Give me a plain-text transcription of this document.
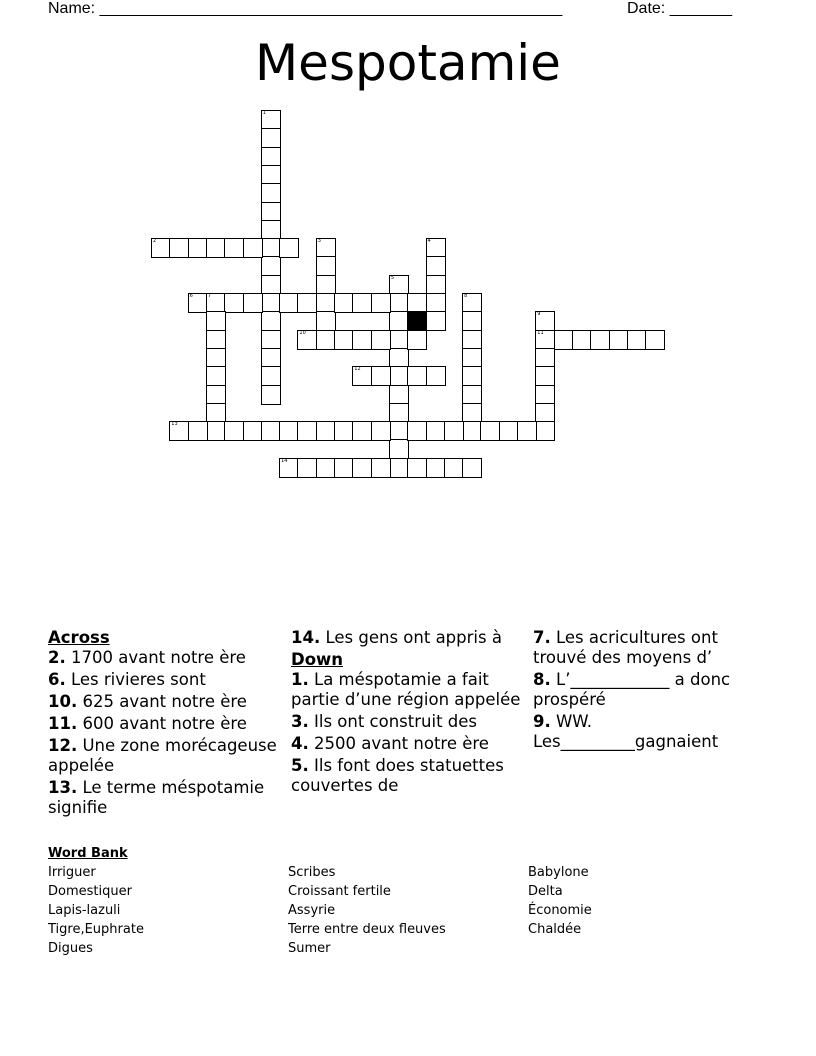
Name: ____________________________________________________	Date: _______
Mespotamie
1
2	3	4
5
6	7	8
9
11
10
12
13
14

Across

2. 1700 avant notre ère

6. Les rivieres sont

10. 625 avant notre ère

11. 600 avant notre ère

12. Une zone morécageuse appelée

13. Le terme méspotamie signifie

14. Les gens ont appris à

Down

1. La méspotamie a fait partie d’une région appelée

3. Ils ont construit des

4. 2500 avant notre ère

5. Ils font does statuettes couvertes de

7. Les acricultures ont trouvé des moyens d’

8. L’____________ a donc prospéré

9. WW. Les_________gagnaient

Word Bank
Irriguer
Domestiquer
Lapis-lazuli
Tigre,Euphrate
Digues
Scribes
Croissant fertile
Assyrie
Terre entre deux fleuves
Sumer
Babylone
Delta
Économie
Chaldée
